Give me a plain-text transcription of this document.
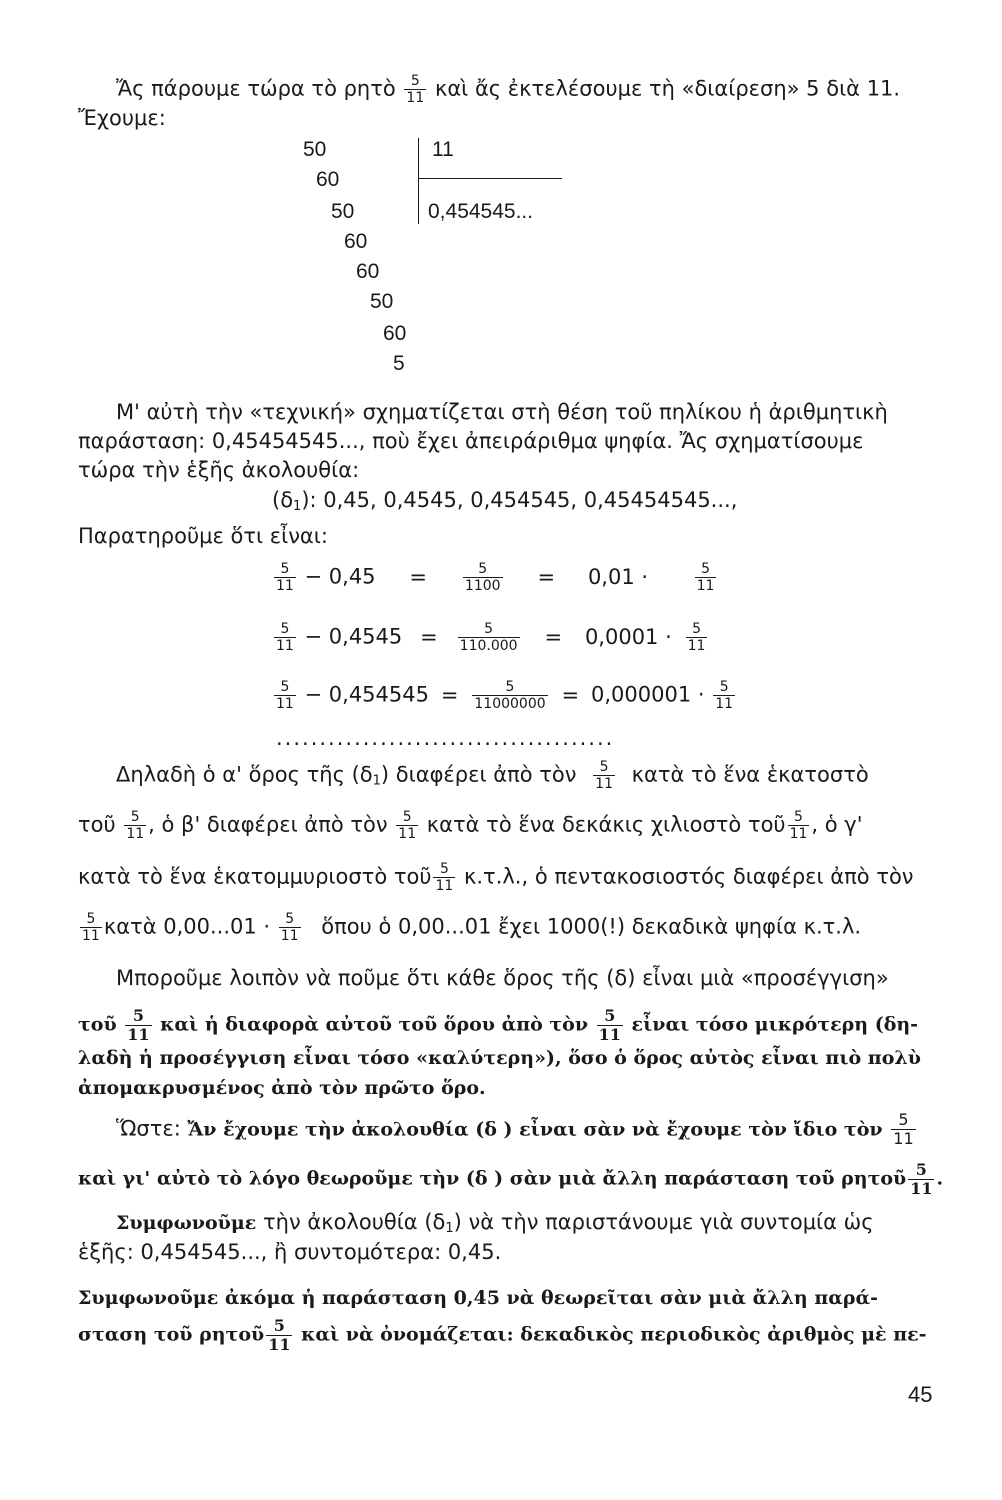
Ἄς πάρουμε τώρα τὸ ρητὸ $\frac{5}{11}$ καὶ ἄς ἐκτελέσουμε τὴ «διαίρεση» 5 διὰ 11.
Ἔχουμε:
50
60
50
60
60
50
60
5
11
0,454545...
Μ' αὐτὴ τὴν «τεχνική» σχηματίζεται στὴ θέση τοῦ πηλίκου ἡ ἀριθμητικὴ
παράσταση: 0,45454545..., ποὺ ἔχει ἀπειράριθμα ψηφία. Ἄς σχηματίσουμε
τώρα τὴν ἑξῆς ἀκολουθία:
$(\delta_1)$: 0,45, 0,4545, 0,454545, 0,45454545...,
Παρατηροῦμε ὅτι εἶναι:
$\frac{5}{11} - 0,45$ =	$\frac{5}{1100} = 0,01$ ·	$\frac{5}{11}$
$\frac{5}{11} - 0,4545 = \frac{5}{110.000} = 0,0001 \cdot \frac{5}{11}$
$\frac{5}{11} - 0,454545 = \frac{5}{11000000} = 0,000001 \cdot \frac{5}{11}$
.......................................
Δηλαδὴ ὁ α' ὅρος τῆς $(\delta_1)$ διαφέρει ἀπὸ τὸν $\frac{5}{11}$ κατὰ τὸ ἕνα ἑκατοστὸ
τοῦ $\frac{5}{11}$ , ὁ β' διαφέρει ἀπὸ τὸν $\frac{5}{11}$ κατὰ τὸ ἕνα δεκάκις χιλιοστὸ τοῦ $\frac{5}{11}$ , ὁ γ'
κατὰ τὸ ἕνα ἑκατομμυριοστὸ τοῦ $\frac{5}{11} \kappa.\tau.\lambda$., ὁ πεντακοσιοστός διαφέρει ἀπὸ τὸν
$\frac{5}{11}$ κατὰ $0,00...01 \cdot \frac{5}{11}$ ὅπου ὁ 0,00...01 ἔχει 1000(!) δεκαδικὰ ψηφία κ.τ.λ.
Μποροῦμε λοιπὸν νὰ ποῦμε ὅτι κάθε ὅρος τῆς (δ) εἶναι μιὰ «προσέγγιση»
τοῦ $\frac{5}{11}$ καὶ ἡ διαφορὰ αὐτοῦ τοῦ ὅρου ἀπὸ τὸν $\frac{5}{11}$ εἶναι τόσο μικρότερη (δη-
λαδὴ ἡ προσέγγιση εἶναι τόσο «καλύτερη»), ὅσο ὁ ὅρος αὐτὸς εἶναι πιὸ πολὺ
ἀπομακρυσμένος ἀπὸ τὸν πρῶτο ὅρο.
Ὥστε: Ἄν ἔχουμε τὴν ἀκολουθία (δ ) εἶναι σὰν νὰ ἔχουμε τὸν ἴδιο τὸν $\frac{5}{11}$
καὶ γι' αὐτὸ τὸ λόγο θεωροῦμε τὴν (δ ) σὰν μιὰ ἄλλη παράσταση τοῦ ρητοῦ $\frac{5}{11}$ .
Συμφωνοῦμε τὴν ἀκολουθία $(\delta_1)$ νὰ τὴν παριστάνουμε γιὰ συντομία ὡς
ἑξῆς: 0,454545..., ἢ συντομότερα: 0,45.
Συμφωνοῦμε ἀκόμα ἡ παράσταση 0,45 νὰ θεωρεῖται σὰν μιὰ ἄλλη παρά-
σταση τοῦ ρητοῦ $\frac{5}{11}$ καὶ νὰ ὀνομάζεται: δεκαδικὸς περιοδικὸς ἀριθμὸς μὲ πε-
45
